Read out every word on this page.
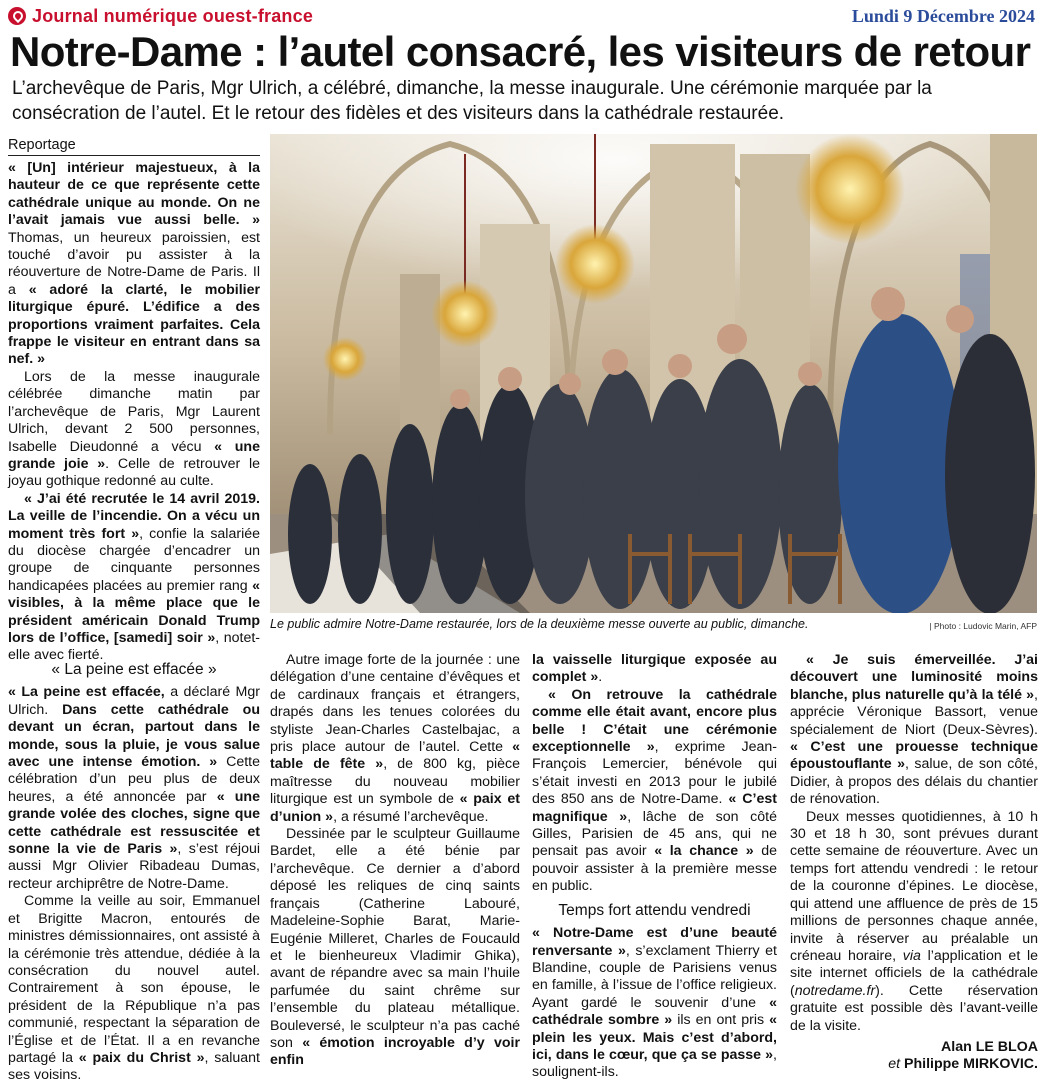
Journal numérique ouest-france	Lundi 9 Décembre 2024
Notre-Dame : l’autel consacré, les visiteurs de retour
L’archevêque de Paris, Mgr Ulrich, a célébré, dimanche, la messe inaugurale. Une cérémonie marquée par la consécration de l’autel. Et le retour des fidèles et des visiteurs dans la cathédrale restaurée.
Reportage
Le public admire Notre-Dame restaurée, lors de la deuxième messe ouverte au public, dimanche.	| Photo : Ludovic Marin, AFP

« [Un] intérieur majestueux, à la hauteur de ce que représente cette cathédrale unique au monde. On ne l’avait jamais vue aussi belle. » Thomas, un heureux paroissien, est touché d’avoir pu assister à la réouverture de Notre-Dame de Paris. Il a « adoré la clarté, le mobilier liturgique épuré. L’édifice a des proportions vraiment parfaites. Cela frappe le visiteur en entrant dans sa nef. »

Lors de la messe inaugurale célébrée dimanche matin par l’archevêque de Paris, Mgr Laurent Ulrich, devant 2 500 personnes, Isabelle Dieudonné a vécu « une grande joie ». Celle de retrouver le joyau gothique redonné au culte.

« J’ai été recrutée le 14 avril 2019. La veille de l’incendie. On a vécu un moment très fort », confie la salariée du diocèse chargée d’encadrer un groupe de cinquante personnes handicapées placées au premier rang « visibles, à la même place que le président américain Donald Trump lors de l’office, [samedi] soir », notet-elle avec fierté.

« La peine est effacée »

« La peine est effacée, a déclaré Mgr Ulrich. Dans cette cathédrale ou devant un écran, partout dans le monde, sous la pluie, je vous salue avec une intense émotion. » Cette célébration d’un peu plus de deux heures, a été annoncée par « une grande volée des cloches, signe que cette cathédrale est ressuscitée et sonne la vie de Paris », s’est réjoui aussi Mgr Olivier Ribadeau Dumas, recteur archiprêtre de Notre-Dame.

Comme la veille au soir, Emmanuel et Brigitte Macron, entourés de ministres démissionnaires, ont assisté à la cérémonie très attendue, dédiée à la consécration du nouvel autel. Contrairement à son épouse, le président de la République n’a pas communié, respectant la séparation de l’Église et de l’État. Il a en revanche partagé la « paix du Christ », saluant ses voisins.

Autre image forte de la journée : une délégation d’une centaine d’évêques et de cardinaux français et étrangers, drapés dans les tenues colorées du styliste Jean-Charles Castelbajac, a pris place autour de l’autel. Cette « table de fête », de 800 kg, pièce maîtresse du nouveau mobilier liturgique est un symbole de « paix et d’union », a résumé l’archevêque.

Dessinée par le sculpteur Guillaume Bardet, elle a été bénie par l’archevêque. Ce dernier a d’abord déposé les reliques de cinq saints français (Catherine Labouré, Madeleine-Sophie Barat, Marie-Eugénie Milleret, Charles de Foucauld et le bienheureux Vladimir Ghika), avant de répandre avec sa main l’huile parfumée du saint chrême sur l’ensemble du plateau métallique. Bouleversé, le sculpteur n’a pas caché son « émotion incroyable d’y voir enfin

la vaisselle liturgique exposée au complet ».

« On retrouve la cathédrale comme elle était avant, encore plus belle ! C’était une cérémonie exceptionnelle », exprime Jean-François Lemercier, bénévole qui s’était investi en 2013 pour le jubilé des 850 ans de Notre-Dame. « C’est magnifique », lâche de son côté Gilles, Parisien de 45 ans, qui ne pensait pas avoir « la chance » de pouvoir assister à la première messe en public.

Temps fort attendu vendredi

« Notre-Dame est d’une beauté renversante », s’exclament Thierry et Blandine, couple de Parisiens venus en famille, à l’issue de l’office religieux. Ayant gardé le souvenir d’une « cathédrale sombre » ils en ont pris « plein les yeux. Mais c’est d’abord, ici, dans le cœur, que ça se passe », soulignent-ils.

« Je suis émerveillée. J’ai découvert une luminosité moins blanche, plus naturelle qu’à la télé », apprécie Véronique Bassort, venue spécialement de Niort (Deux-Sèvres). « C’est une prouesse technique époustouflante », salue, de son côté, Didier, à propos des délais du chantier de rénovation.

Deux messes quotidiennes, à 10 h 30 et 18 h 30, sont prévues durant cette semaine de réouverture. Avec un temps fort attendu vendredi : le retour de la couronne d’épines. Le diocèse, qui attend une affluence de près de 15 millions de personnes chaque année, invite à réserver au préalable un créneau horaire, via l’application et le site internet officiels de la cathédrale (notredame.fr). Cette réservation gratuite est possible dès l’avant-veille de la visite.

Alan LE BLOA
et Philippe MIRKOVIC.
